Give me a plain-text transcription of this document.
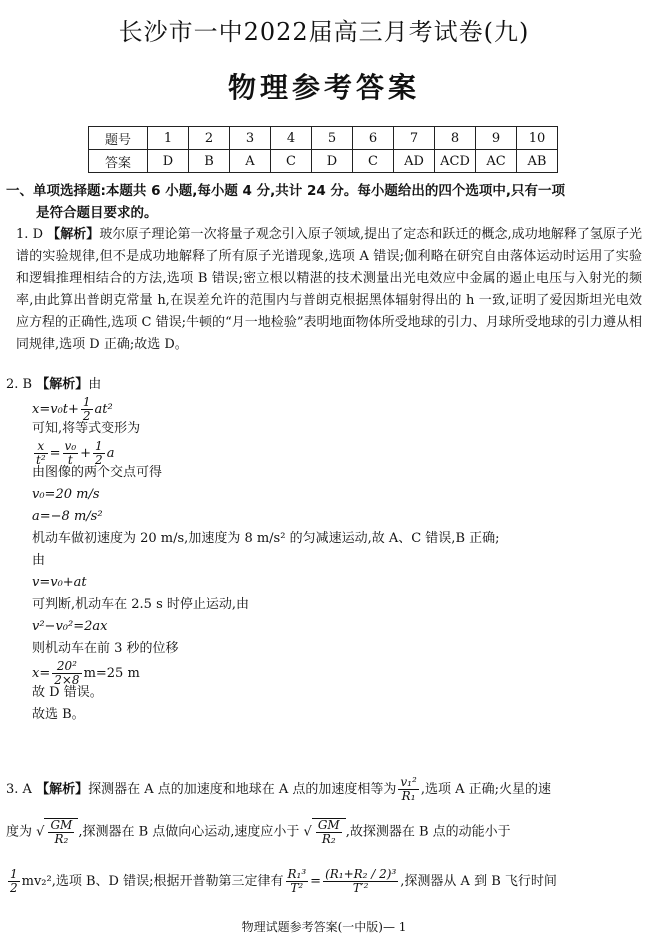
长沙市一中2022届高三月考试卷(九)
物理参考答案
题号	1	2	3	4	5	6	7	8	9	10
答案	D	B	A	C	D	C	AD	ACD	AC	AB
一、单项选择题:本题共 6 小题,每小题 4 分,共计 24 分。每小题给出的四个选项中,只有一项
是符合题目要求的。
1. D 【解析】玻尔原子理论第一次将量子观念引入原子领域,提出了定态和跃迁的概念,成功地解释了氢原子光谱的实验规律,但不是成功地解释了所有原子光谱现象,选项 A 错误;伽利略在研究自由落体运动时运用了实验和逻辑推理相结合的方法,选项 B 错误;密立根以精湛的技术测量出光电效应中金属的遏止电压与入射光的频率,由此算出普朗克常量 h,在误差允许的范围内与普朗克根据黑体辐射得出的 h 一致,证明了爱因斯坦光电效应方程的正确性,选项 C 错误;牛顿的“月一地检验”表明地面物体所受地球的引力、月球所受地球的引力遵从相同规律,选项 D 正确;故选 D。
2. B 【解析】由
$x=v_0t+ \frac{1}{2} at^2$
可知,将等式变形为
$\frac{x}{\text{t²}} = \frac{\text{v₀}}{t} + \frac{1}{2}$ a
由图像的两个交点可得
v₀=20 m/s
a=−8 m/s²
机动车做初速度为 20 m/s,加速度为 8 m/s² 的匀减速运动,故 A、C 错误,B 正确;
由
v=v₀+at
可判断,机动车在 2.5 s 时停止运动,由
v²−v₀²=2ax
则机动车在前 3 秒的位移
$x= \frac{\text{20²}}{2\times 8} m=25$ m
故 D 错误。
故选 B。
3. A 【解析】探测器在 A 点的加速度和地球在 A 点的加速度相等为 $\frac{\text{v₁²}}{\text{R₁}}$ ,选项 A 正确;火星的速
度为 √ $\frac{GM}{\text{R₂}}$ ,探测器在 B 点做向心运动,速度应小于 √ $\frac{GM}{\text{R₂}}$ ,故探测器在 B 点的动能小于
$\frac{1}{2} mv_2^2$,选项 B、D 错误;根据开普勒第三定律有 $\frac{\text{R₁³}}{\text{T²}} = \frac{\text{(R₁+R₂ / 2)³}}{\text{T′²}}$ ,探测器从 A 到 B 飞行时间
物理试题参考答案(一中版)— 1
